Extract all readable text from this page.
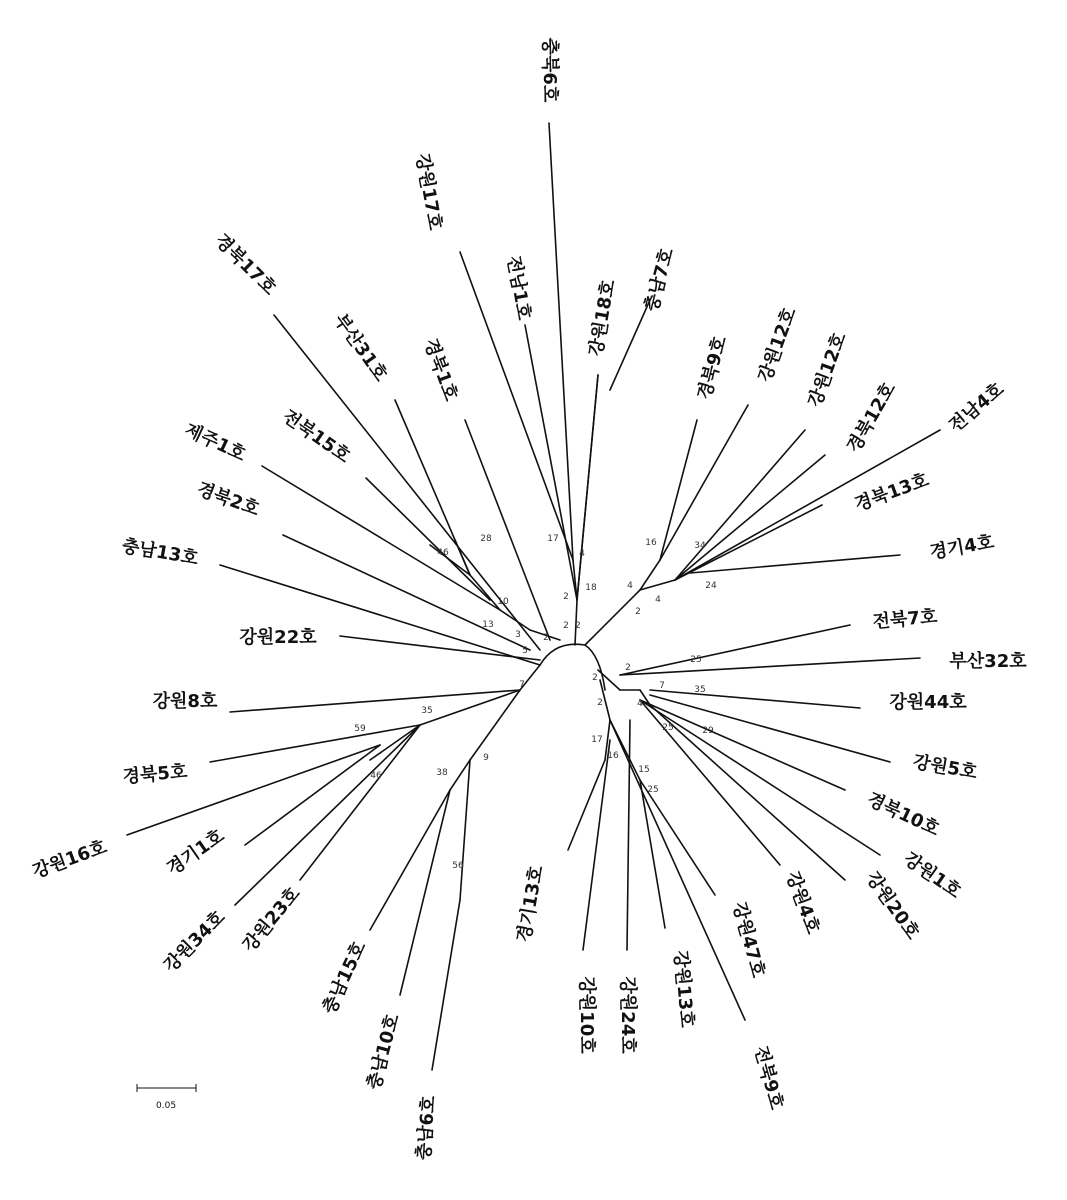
17
4
2
18
2 2
16	34
4
2
4
24
25
2
7	35
4
25	29
2
2
17
16
15
25
7
9
38
56
35
59
46
5
13
3 2
10
46
28
충북6호
강원17호
전남1호	강원18호 충남7호
경북9호 강원12호 강원12호
경북12호	전남4호
경북13호
경기4호
전북7호
부산32호
강원44호
강원5호
경북10호
강원1호
강원20호
강원4호
강원47호
전북9호
강원13호
강원24호
강원10호
경기13호
충남6호
충남10호
충남15호
강원23호
강원34호
경기1호
강원16호
경북5호
강원8호
강원22호
충남13호
경북2호
제주1호 전북15호
부산31호 경북1호
경북17호
0.05
